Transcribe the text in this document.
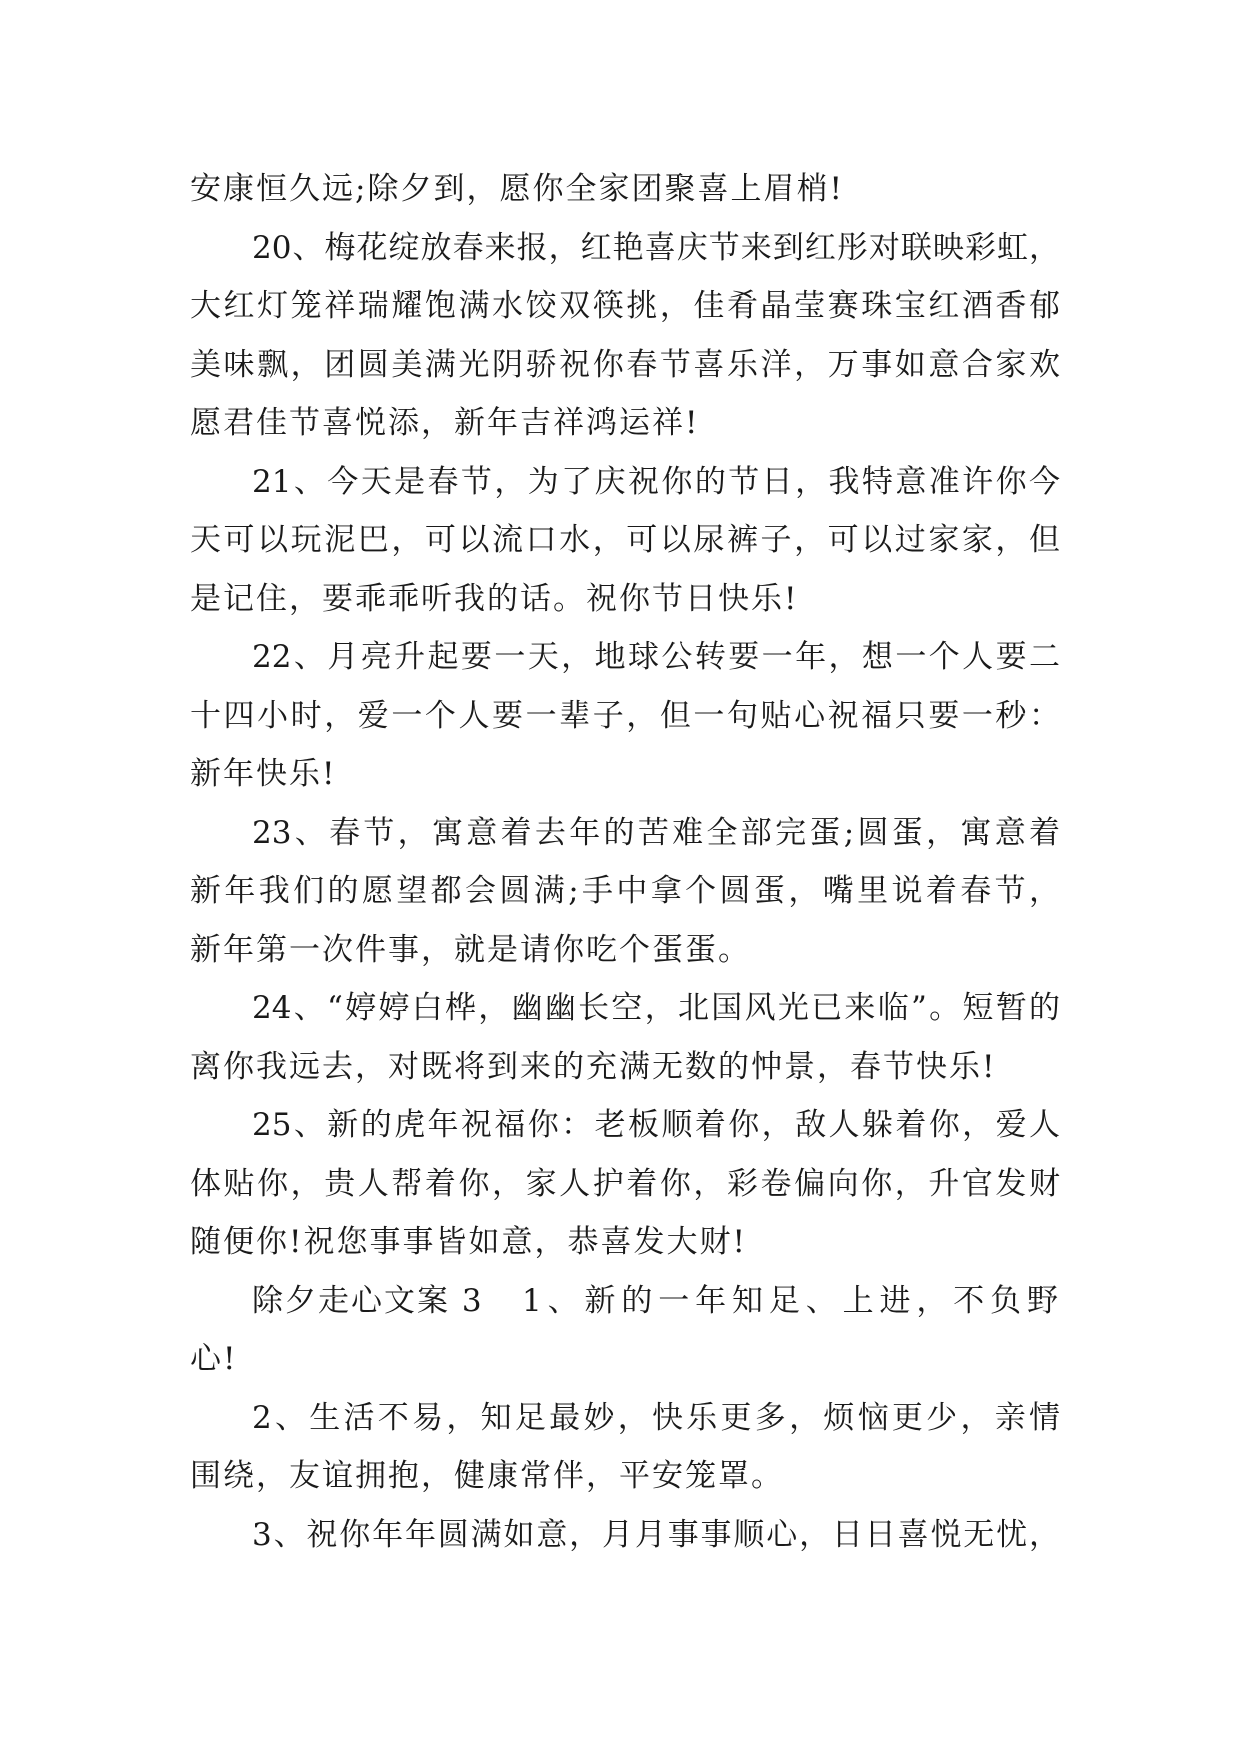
安康恒久远;除夕到，愿你全家团聚喜上眉梢!
20、梅花绽放春来报，红艳喜庆节来到红彤对联映彩虹，
大红灯笼祥瑞耀饱满水饺双筷挑，佳肴晶莹赛珠宝红酒香郁
美味飘，团圆美满光阴骄祝你春节喜乐洋，万事如意合家欢
愿君佳节喜悦添，新年吉祥鸿运祥!
21、今天是春节，为了庆祝你的节日，我特意准许你今
天可以玩泥巴，可以流口水，可以尿裤子，可以过家家，但
是记住，要乖乖听我的话。祝你节日快乐!
22、月亮升起要一天，地球公转要一年，想一个人要二
十四小时，爱一个人要一辈子，但一句贴心祝福只要一秒：
新年快乐!
23、春节，寓意着去年的苦难全部完蛋;圆蛋，寓意着
新年我们的愿望都会圆满;手中拿个圆蛋，嘴里说着春节，
新年第一次件事，就是请你吃个蛋蛋。
24、“婷婷白桦，幽幽长空，北国风光已来临”。短暂的
离你我远去，对既将到来的充满无数的忡景，春节快乐!
25、新的虎年祝福你：老板顺着你，敌人躲着你，爱人
体贴你，贵人帮着你，家人护着你，彩卷偏向你，升官发财
随便你!祝您事事皆如意，恭喜发大财!
除夕走心文案 3	1、新的一年知足、上进，不负野
心!
2、生活不易，知足最妙，快乐更多，烦恼更少，亲情
围绕，友谊拥抱，健康常伴，平安笼罩。
3、祝你年年圆满如意，月月事事顺心，日日喜悦无忧，
